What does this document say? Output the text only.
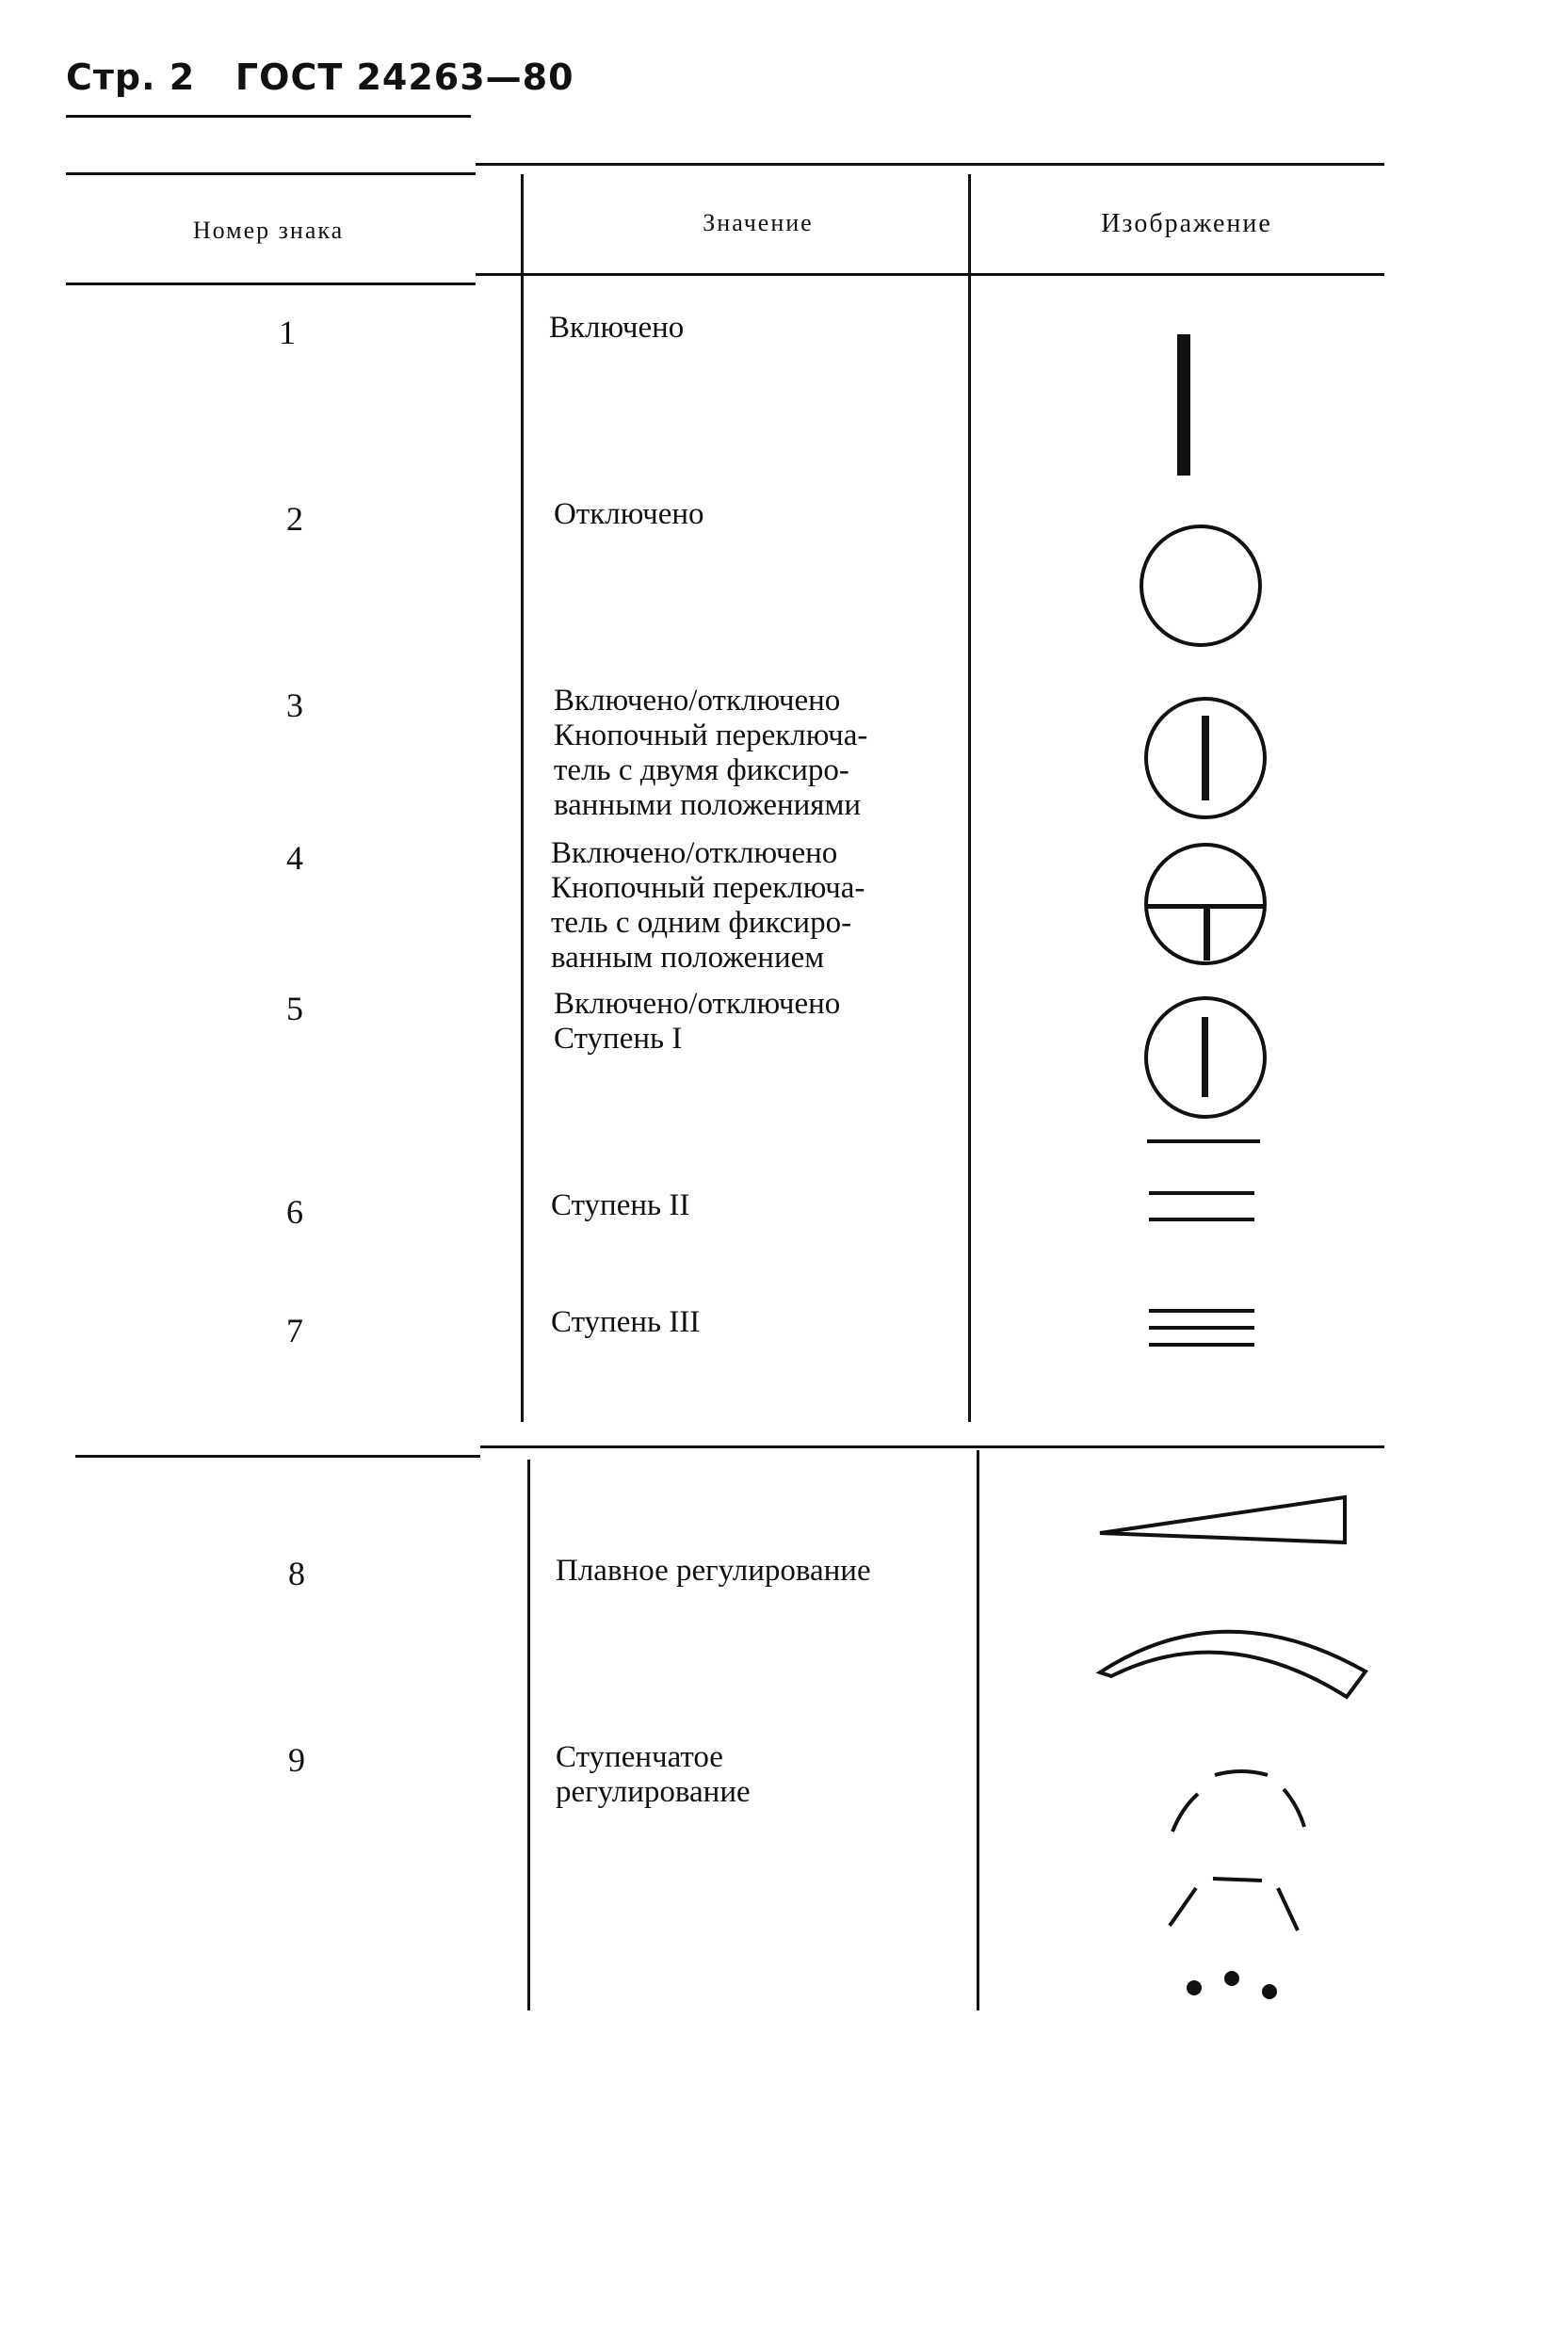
Стр. 2 ГОСТ 24263—80
Номер знака	Значение	Изображение
1	Включено
2	Отключено
3	Включено/отключено
Кнопочный переключа-
тель с двумя фиксиро-
ванными положениями
4	Включено/отключено
Кнопочный переключа-
тель с одним фиксиро-
ванным положением
5	Включено/отключено
Ступень I
6	Ступень II
7	Ступень III
8	Плавное регулирование
9	Ступенчатое
регулирование
